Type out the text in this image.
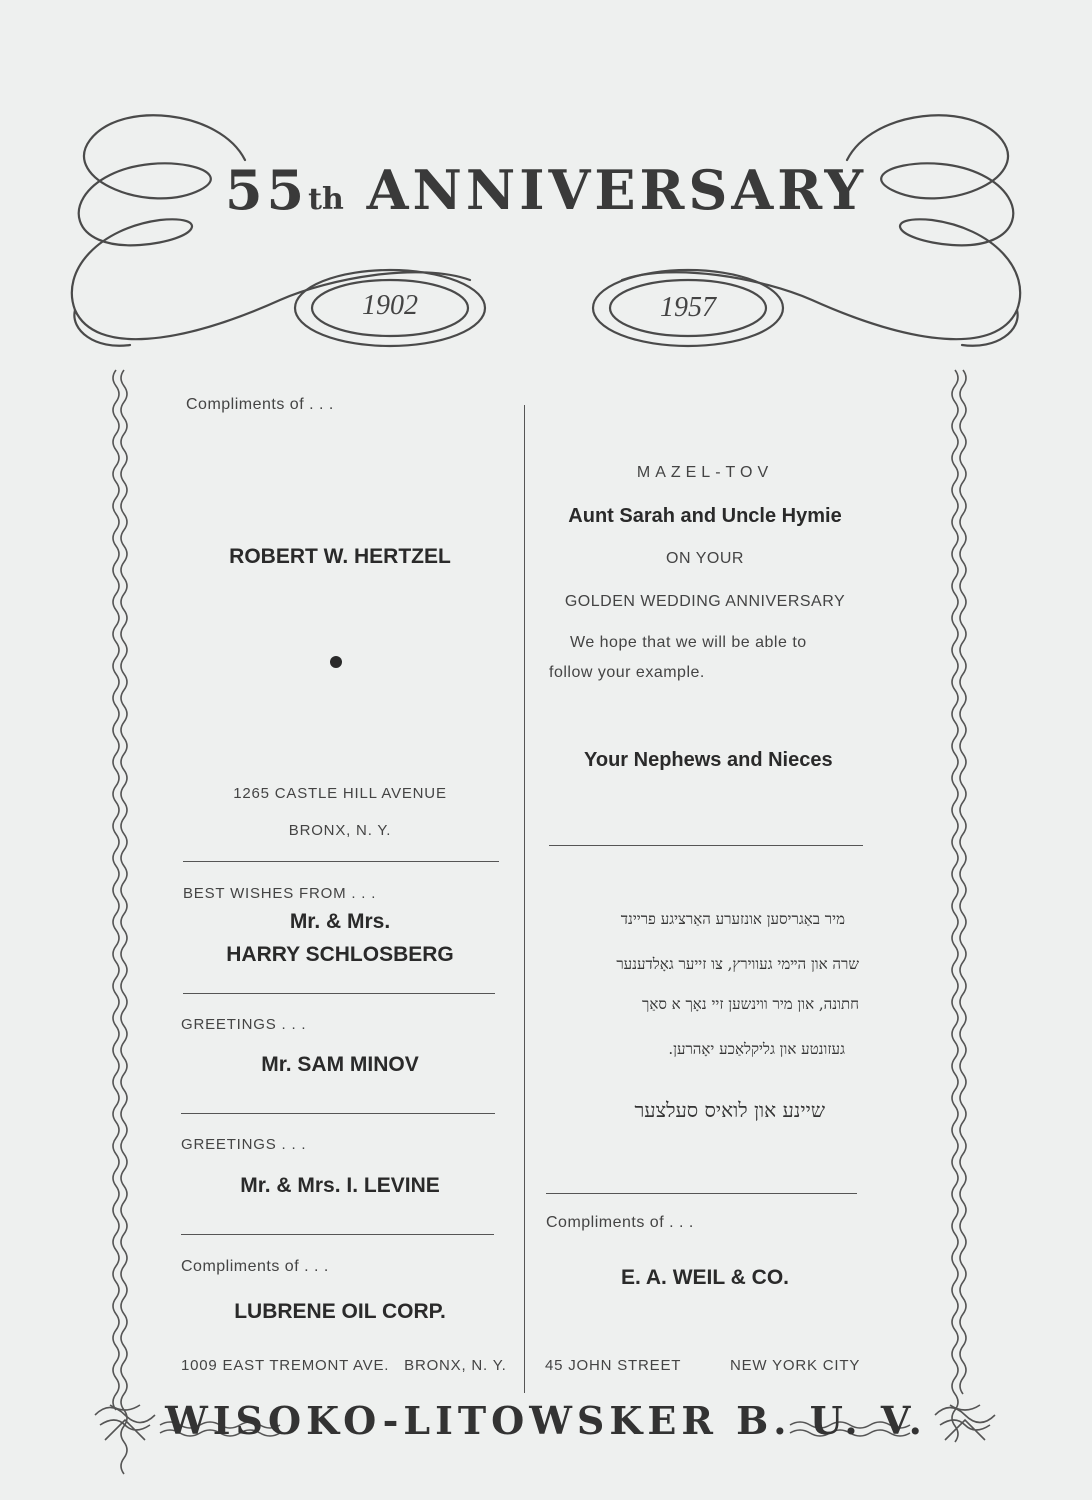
55th ANNIVERSARY
1902	1957
Compliments of . . .
ROBERT W. HERTZEL
1265 CASTLE HILL AVENUE
BRONX, N. Y.
BEST WISHES FROM . . .
Mr. & Mrs.
HARRY SCHLOSBERG
GREETINGS . . .
Mr. SAM MINOV
GREETINGS . . .
Mr. & Mrs. I. LEVINE
Compliments of . . .
LUBRENE OIL CORP.
1009 EAST TREMONT AVE.   BRONX, N. Y.
MAZEL-TOV
Aunt Sarah and Uncle Hymie
ON YOUR
GOLDEN WEDDING ANNIVERSARY
We hope that we will be able to
follow your example.
Your Nephews and Nieces
מיר באַגריסען אונזערע האַרציגע פריינד
שרה און הײמי געווירץ, צו זייער גאָלדענער
חתונה, און מיר ווינשען זיי נאָך א סאַך
געזונטע און גליקלאַכע יאָהרען.
שיינע און לואיס סעלצער
Compliments of . . .
E. A. WEIL & CO.
45 JOHN STREET	NEW YORK CITY
WISOKO-LITOWSKER B. U. V.
